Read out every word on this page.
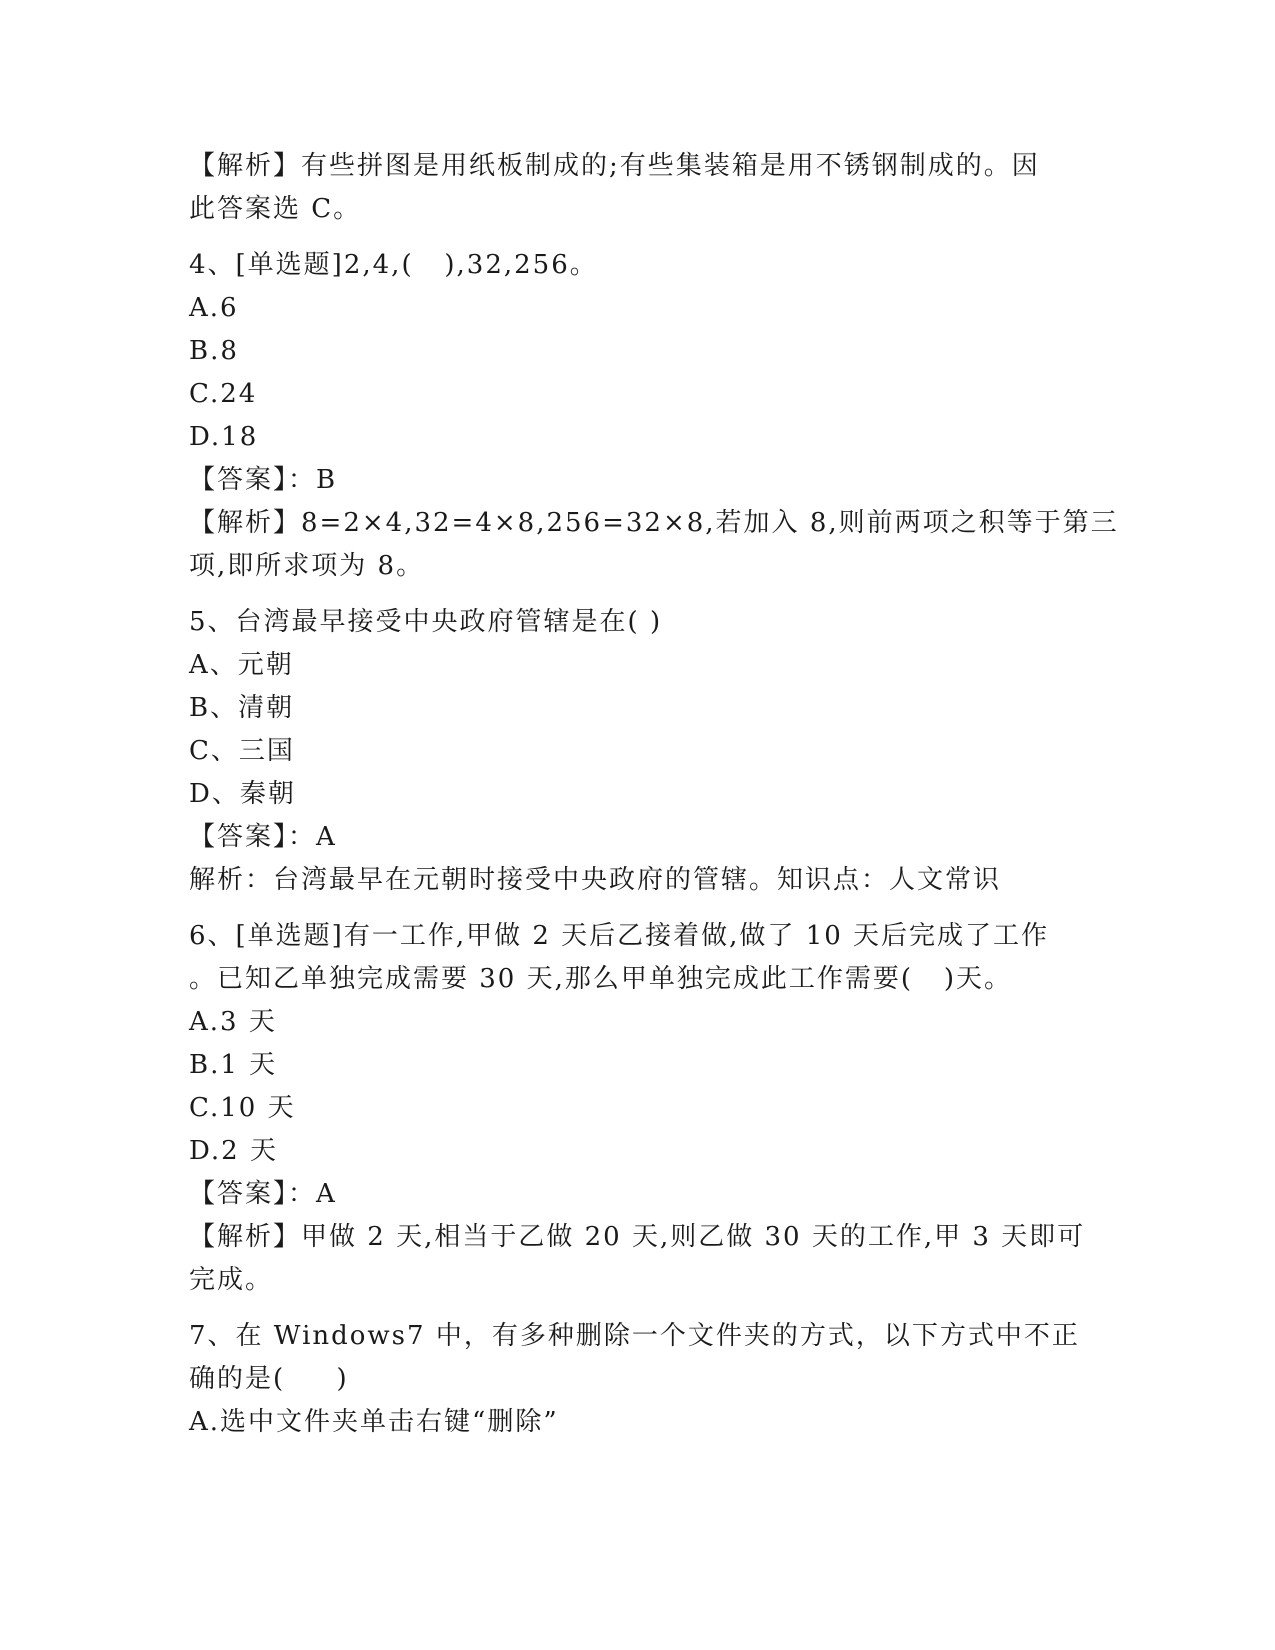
【解析】有些拼图是用纸板制成的;有些集装箱是用不锈钢制成的。因
此答案选 C。
4、[单选题]2,4,(   ),32,256。
A.6
B.8
C.24
D.18
【答案】：B
【解析】8=2×4,32=4×8,256=32×8,若加入 8,则前两项之积等于第三
项,即所求项为 8。
5、台湾最早接受中央政府管辖是在( )
A、元朝
B、清朝
C、三国
D、秦朝
【答案】：A
解析：台湾最早在元朝时接受中央政府的管辖。知识点：人文常识
6、[单选题]有一工作,甲做 2 天后乙接着做,做了 10 天后完成了工作
。已知乙单独完成需要 30 天,那么甲单独完成此工作需要(   )天。
A.3 天
B.1 天
C.10 天
D.2 天
【答案】：A
【解析】甲做 2 天,相当于乙做 20 天,则乙做 30 天的工作,甲 3 天即可
完成。
7、在 Windows7 中，有多种删除一个文件夹的方式，以下方式中不正
确的是(     )
A.选中文件夹单击右键“删除”
